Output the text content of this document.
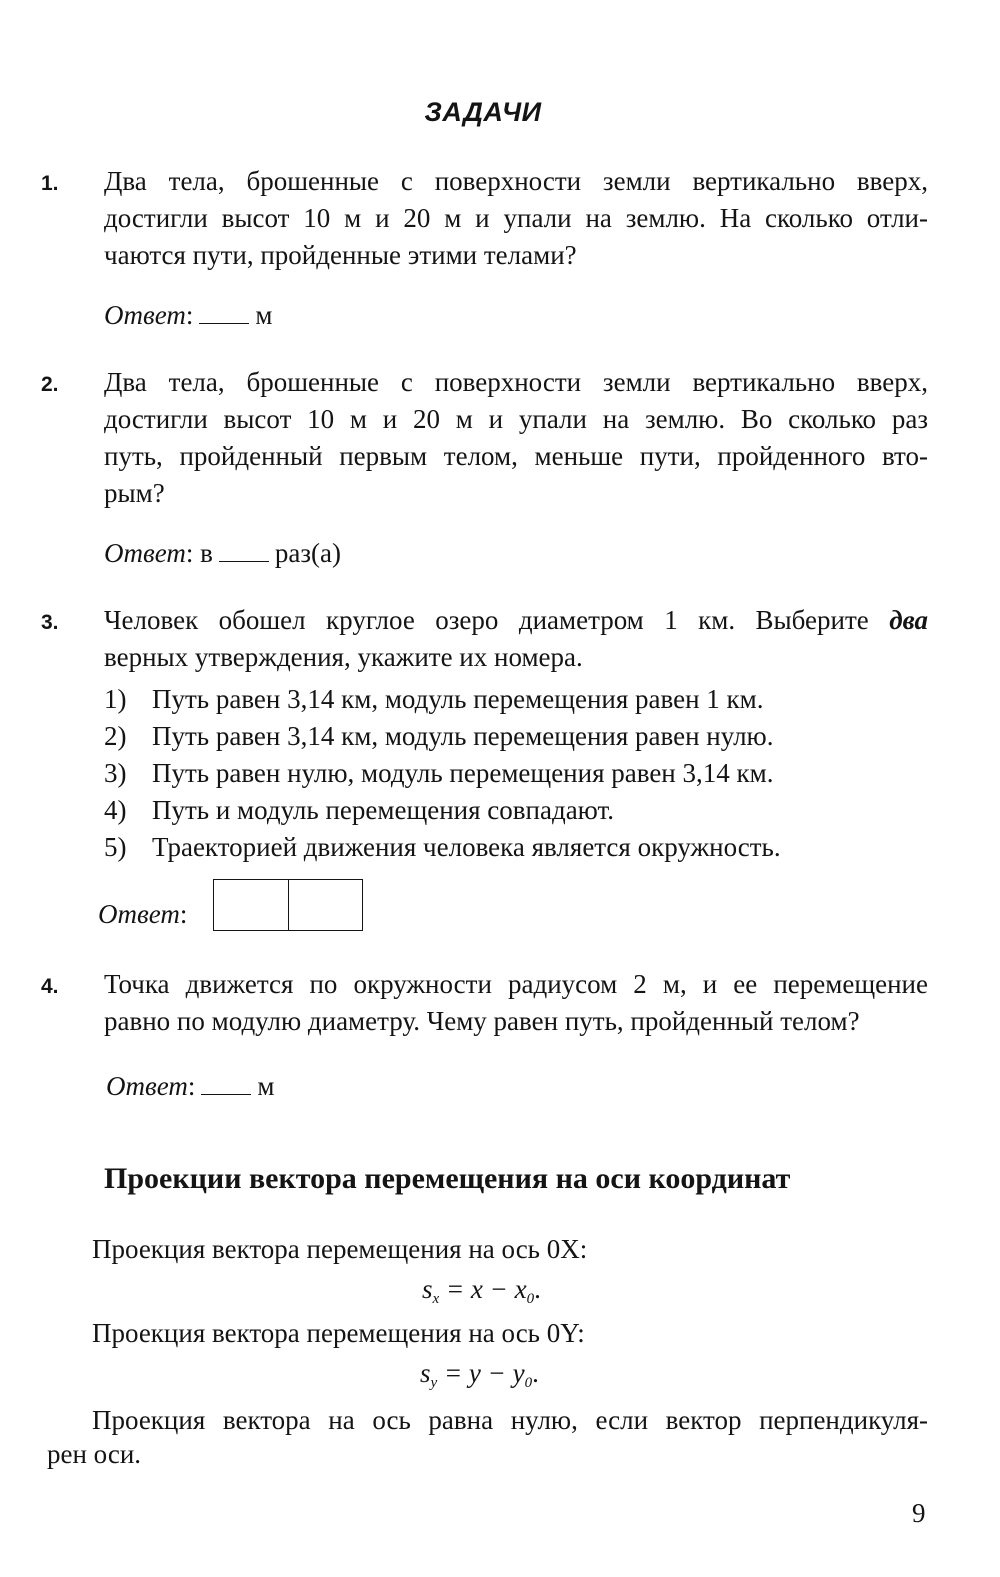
ЗАДАЧИ
1.	Два тела, брошенные с поверхности земли вертикально вверх,
достигли высот 10 м и 20 м и упали на землю. На сколько отли-
чаются пути, пройденные этими телами?
Ответ: м
2.	Два тела, брошенные с поверхности земли вертикально вверх,
достигли высот 10 м и 20 м и упали на землю. Во сколько раз
путь, пройденный первым телом, меньше пути, пройденного вто-
рым?
Ответ: в раз(а)
3.	Человек обошел круглое озеро диаметром 1 км. Выберите два
верных утверждения, укажите их номера.
1) Путь равен 3,14 км, модуль перемещения равен 1 км.
2) Путь равен 3,14 км, модуль перемещения равен нулю.
3) Путь равен нулю, модуль перемещения равен 3,14 км.
4) Путь и модуль перемещения совпадают.
5) Траекторией движения человека является окружность.
Ответ:
4.	Точка движется по окружности радиусом 2 м, и ее перемещение
равно по модулю диаметру. Чему равен путь, пройденный телом?
Ответ: м
Проекции вектора перемещения на оси координат
Проекция вектора перемещения на ось 0X:
$s_x = x - x_0$.
Проекция вектора перемещения на ось 0Y:
$s_y = y - y_0$.
Проекция вектора на ось равна нулю, если вектор перпендикуля-
рен оси.
9
